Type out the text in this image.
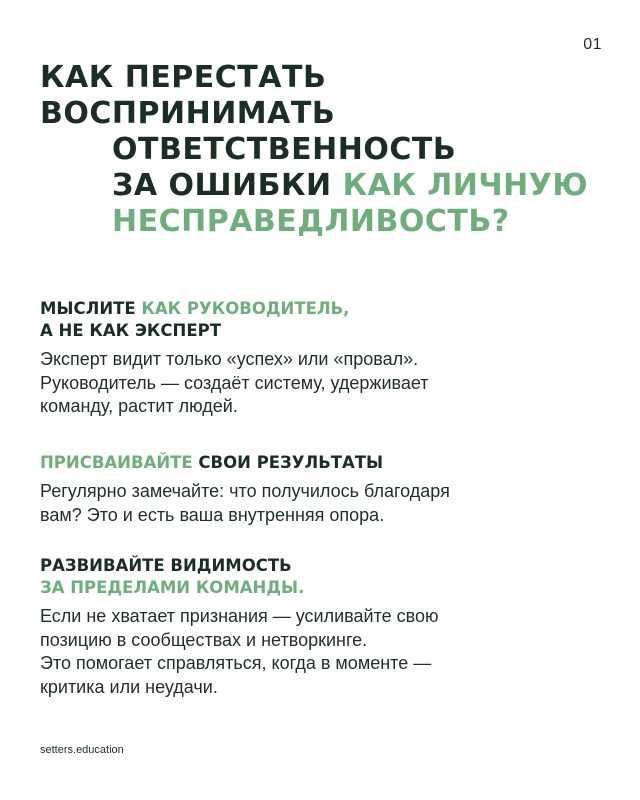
01
КАК ПЕРЕСТАТЬ
ВОСПРИНИМАТЬ
ОТВЕТСТВЕННОСТЬ
ЗА ОШИБКИ КАК ЛИЧНУЮ
НЕСПРАВЕДЛИВОСТЬ?
МЫСЛИТЕ КАК РУКОВОДИТЕЛЬ,
А НЕ КАК ЭКСПЕРТ
Эксперт видит только «успех» или «провал».
Руководитель — создаёт систему, удерживает
команду, растит людей.
ПРИСВАИВАЙТЕ СВОИ РЕЗУЛЬТАТЫ
Регулярно замечайте: что получилось благодаря
вам? Это и есть ваша внутренняя опора.
РАЗВИВАЙТЕ ВИДИМОСТЬ
ЗА ПРЕДЕЛАМИ КОМАНДЫ.
Если не хватает признания — усиливайте свою
позицию в сообществах и нетворкинге.
Это помогает справляться, когда в моменте —
критика или неудачи.
setters.education
